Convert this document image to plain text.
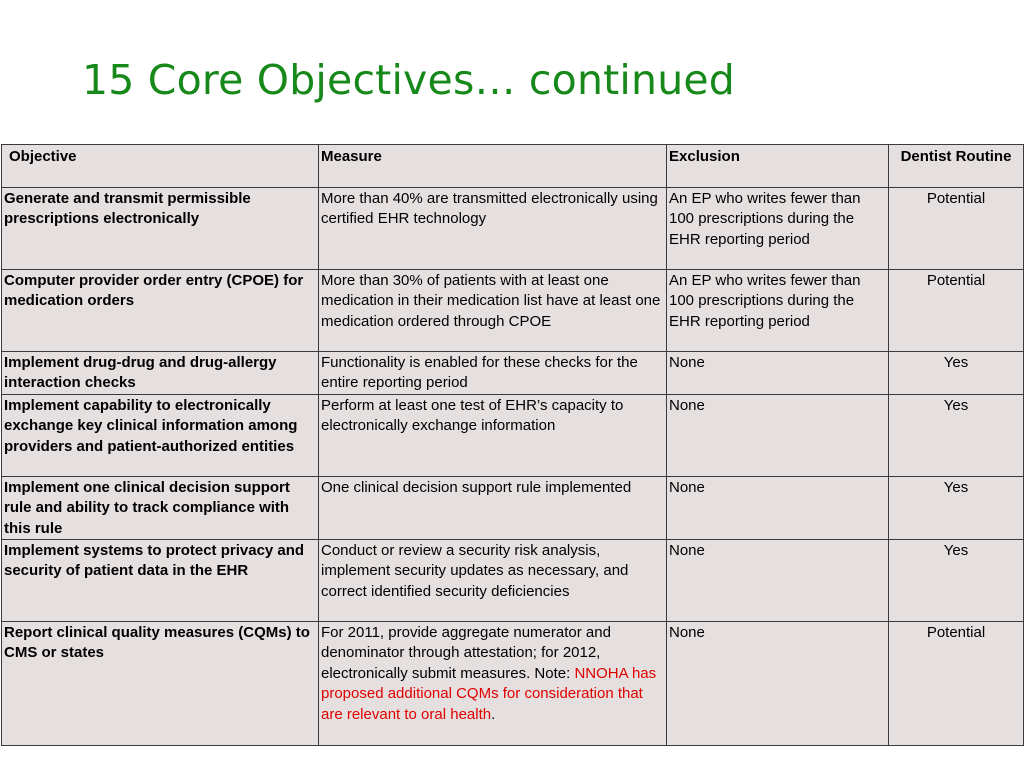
15 Core Objectives… continued
Objective	Measure	Exclusion	Dentist Routine
Generate and transmit permissible prescriptions electronically	More than 40% are transmitted electronically using certified EHR technology	An EP who writes fewer than 100 prescriptions during the EHR reporting period	Potential
Computer provider order entry (CPOE) for medication orders	More than 30% of patients with at least one medication in their medication list have at least one medication ordered through CPOE	An EP who writes fewer than 100 prescriptions during the EHR reporting period	Potential
Implement drug-drug and drug-allergy interaction checks	Functionality is enabled for these checks for the entire reporting period	None	Yes
Implement capability to electronically exchange key clinical information among providers and patient-authorized entities	Perform at least one test of EHR’s capacity to electronically exchange information	None	Yes
Implement one clinical decision support rule and ability to track compliance with this rule	One clinical decision support rule implemented	None	Yes
Implement systems to protect privacy and security of patient data in the EHR	Conduct or review a security risk analysis, implement security updates as necessary, and correct identified security deficiencies	None	Yes
Report clinical quality measures (CQMs) to CMS or states	For 2011, provide aggregate numerator and denominator through attestation; for 2012, electronically submit measures. Note: NNOHA has proposed additional CQMs for consideration that are relevant to oral health.	None	Potential
